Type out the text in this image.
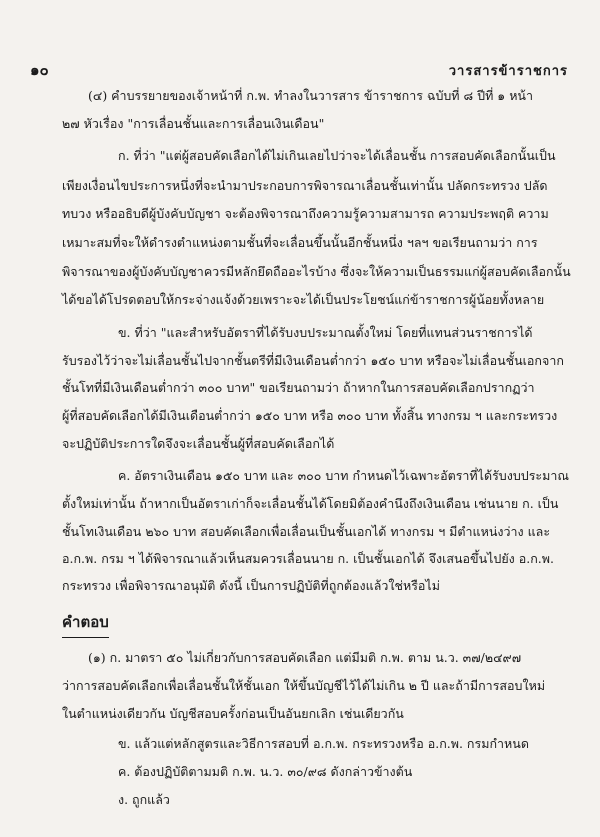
๑๐	วารสารข้าราชการ
(๔) คำบรรยายของเจ้าหน้าที่ ก.พ. ทำลงในวารสาร ข้าราชการ ฉบับที่ ๘ ปีที่ ๑ หน้า
๒๗ หัวเรื่อง "การเลื่อนชั้นและการเลื่อนเงินเดือน"
ก. ที่ว่า "แต่ผู้สอบคัดเลือกได้ไม่เกินเลยไปว่าจะได้เลื่อนชั้น การสอบคัดเลือกนั้นเป็น
เพียงเงื่อนไขประการหนึ่งที่จะนำมาประกอบการพิจารณาเลื่อนชั้นเท่านั้น ปลัดกระทรวง ปลัด
ทบวง หรืออธิบดีผู้บังคับบัญชา จะต้องพิจารณาถึงความรู้ความสามารถ ความประพฤติ ความ
เหมาะสมที่จะให้ดำรงตำแหน่งตามชั้นที่จะเลื่อนขึ้นนั้นอีกชั้นหนึ่ง ฯลฯ ขอเรียนถามว่า การ
พิจารณาของผู้บังคับบัญชาควรมีหลักยึดถืออะไรบ้าง ซึ่งจะให้ความเป็นธรรมแก่ผู้สอบคัดเลือกนั้น
ได้ขอได้โปรดตอบให้กระจ่างแจ้งด้วยเพราะจะได้เป็นประโยชน์แก่ข้าราชการผู้น้อยทั้งหลาย
ข. ที่ว่า "และสำหรับอัตราที่ได้รับงบประมาณตั้งใหม่ โดยที่แทนส่วนราชการได้
รับรองไว้ว่าจะไม่เลื่อนชั้นไปจากชั้นตรีที่มีเงินเดือนต่ำกว่า ๑๕๐ บาท หรือจะไม่เลื่อนชั้นเอกจาก
ชั้นโทที่มีเงินเดือนต่ำกว่า ๓๐๐ บาท" ขอเรียนถามว่า ถ้าหากในการสอบคัดเลือกปรากฏว่า
ผู้ที่สอบคัดเลือกได้มีเงินเดือนต่ำกว่า ๑๕๐ บาท หรือ ๓๐๐ บาท ทั้งสิ้น ทางกรม ฯ และกระทรวง
จะปฏิบัติประการใดจึงจะเลื่อนชั้นผู้ที่สอบคัดเลือกได้
ค. อัตราเงินเดือน ๑๕๐ บาท และ ๓๐๐ บาท กำหนดไว้เฉพาะอัตราที่ได้รับงบประมาณ
ตั้งใหม่เท่านั้น ถ้าหากเป็นอัตราเก่าก็จะเลื่อนชั้นได้โดยมิต้องคำนึงถึงเงินเดือน เช่นนาย ก. เป็น
ชั้นโทเงินเดือน ๒๖๐ บาท สอบคัดเลือกเพื่อเลื่อนเป็นชั้นเอกได้ ทางกรม ฯ มีตำแหน่งว่าง และ
อ.ก.พ. กรม ฯ ได้พิจารณาแล้วเห็นสมควรเลื่อนนาย ก. เป็นชั้นเอกได้ จึงเสนอขึ้นไปยัง อ.ก.พ.
กระทรวง เพื่อพิจารณาอนุมัติ ดังนี้ เป็นการปฏิบัติที่ถูกต้องแล้วใช่หรือไม่
คำตอบ
(๑) ก. มาตรา ๕๐ ไม่เกี่ยวกับการสอบคัดเลือก แต่มีมติ ก.พ. ตาม น.ว. ๓๗/๒๔๙๗
ว่าการสอบคัดเลือกเพื่อเลื่อนชั้นให้ชั้นเอก ให้ขึ้นบัญชีไว้ได้ไม่เกิน ๒ ปี และถ้ามีการสอบใหม่
ในตำแหน่งเดียวกัน บัญชีสอบครั้งก่อนเป็นอันยกเลิก เช่นเดียวกัน
ข. แล้วแต่หลักสูตรและวิธีการสอบที่ อ.ก.พ. กระทรวงหรือ อ.ก.พ. กรมกำหนด
ค. ต้องปฏิบัติตามมติ ก.พ. น.ว. ๓๐/๙๘ ดังกล่าวข้างต้น
ง. ถูกแล้ว
